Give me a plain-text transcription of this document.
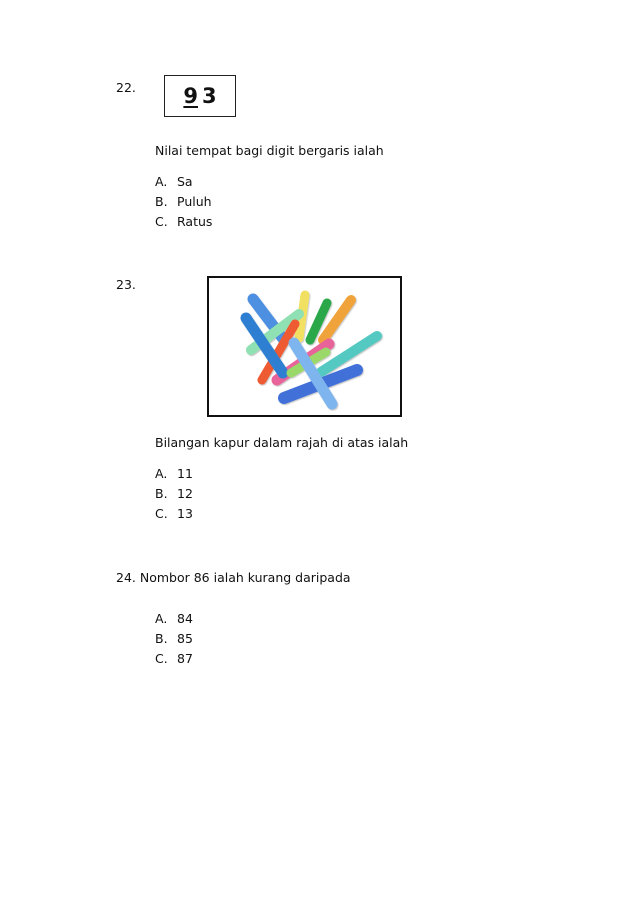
22. 9 3
Nilai tempat bagi digit bergaris ialah
A. Sa
B. Puluh
C. Ratus
23.
Bilangan kapur dalam rajah di atas ialah
A. 11
B. 12
C. 13
24. Nombor 86 ialah kurang daripada
A. 84
B. 85
C. 87
